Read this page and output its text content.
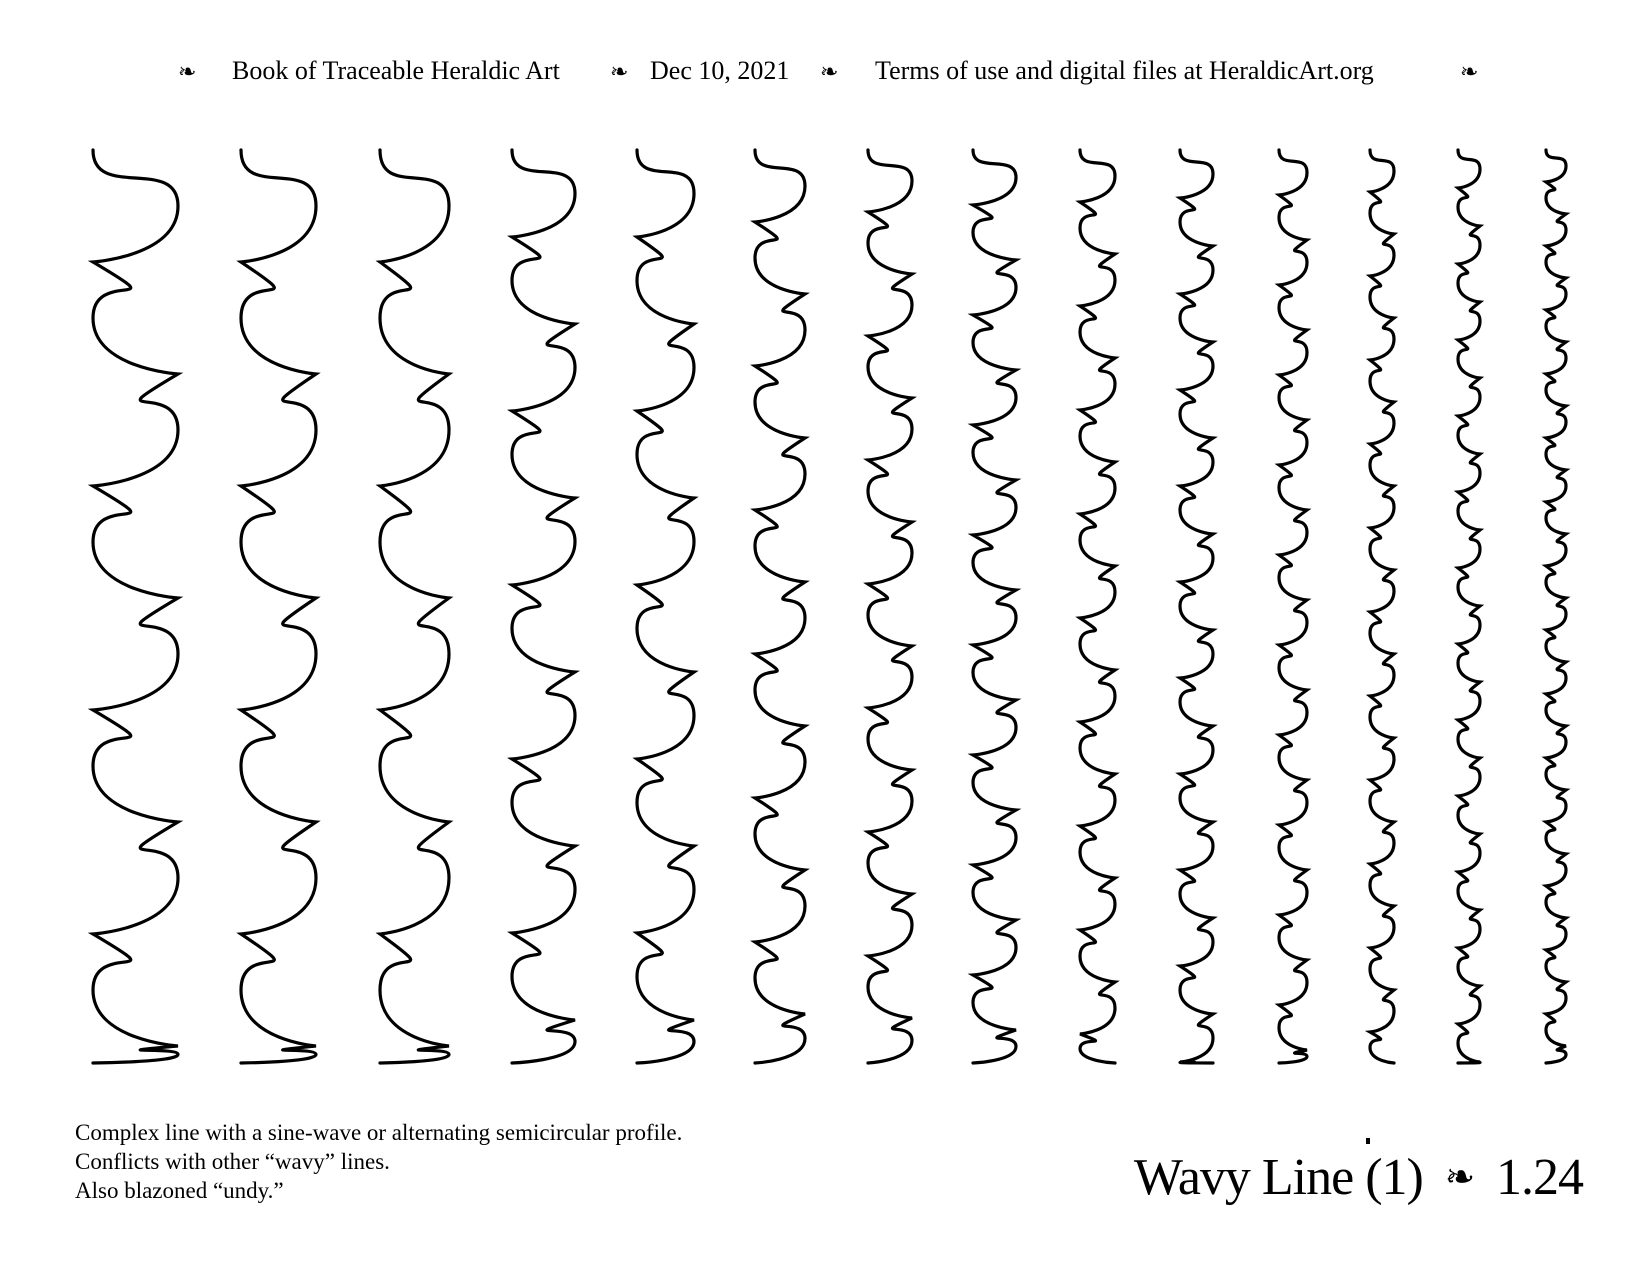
❧ Book of Traceable Heraldic Art ❧ Dec 10, 2021 ❧ Terms of use and digital files at HeraldicArt.org	❧
Complex line with a sine-wave or alternating semicircular profile.
Conflicts with other “wavy” lines.
Also blazoned “undy.”	Wavy Line (1) ❧ 1.24
